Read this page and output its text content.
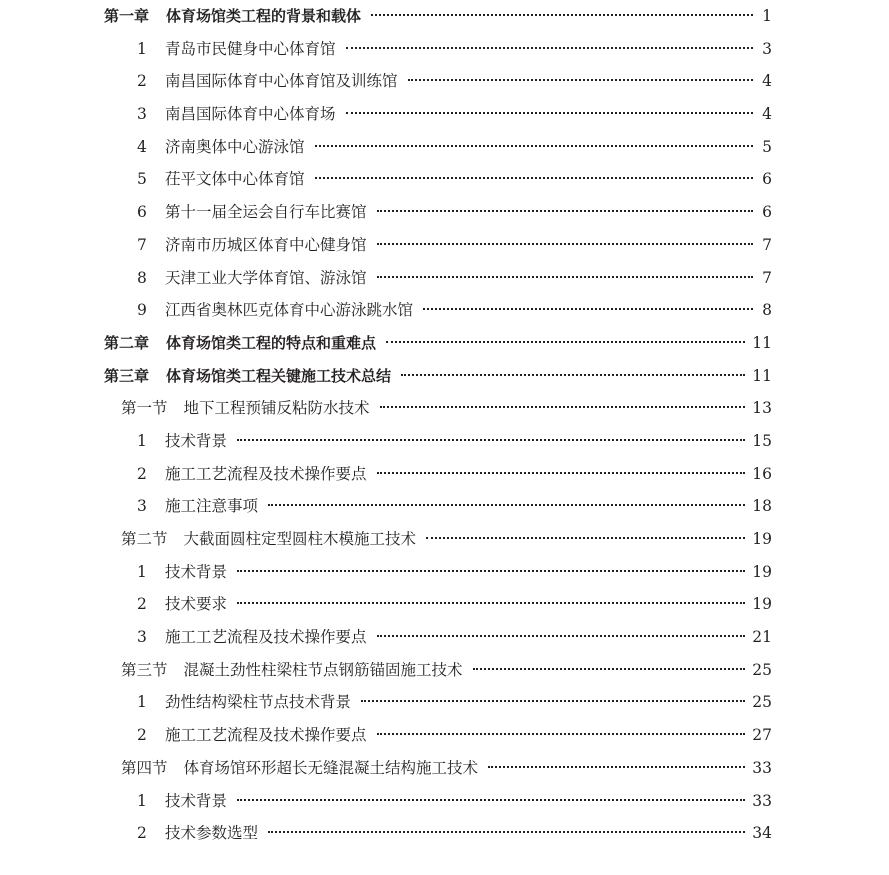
第一章 体育场馆类工程的背景和载体	1
1	青岛市民健身中心体育馆	3
2	南昌国际体育中心体育馆及训练馆	4
3	南昌国际体育中心体育场	4
4	济南奥体中心游泳馆	5
5	茌平文体中心体育馆	6
6	第十一届全运会自行车比赛馆	6
7	济南市历城区体育中心健身馆	7
8	天津工业大学体育馆、游泳馆	7
9	江西省奥林匹克体育中心游泳跳水馆	8
第二章 体育场馆类工程的特点和重难点	11
第三章 体育场馆类工程关键施工技术总结	11
第一节 地下工程预铺反粘防水技术	13
1	技术背景	15
2	施工工艺流程及技术操作要点	16
3	施工注意事项	18
第二节 大截面圆柱定型圆柱木模施工技术	19
1	技术背景	19
2	技术要求	19
3	施工工艺流程及技术操作要点	21
第三节 混凝土劲性柱梁柱节点钢筋锚固施工技术	25
1	劲性结构梁柱节点技术背景	25
2	施工工艺流程及技术操作要点	27
第四节 体育场馆环形超长无缝混凝土结构施工技术	33
1	技术背景	33
2	技术参数选型	34
